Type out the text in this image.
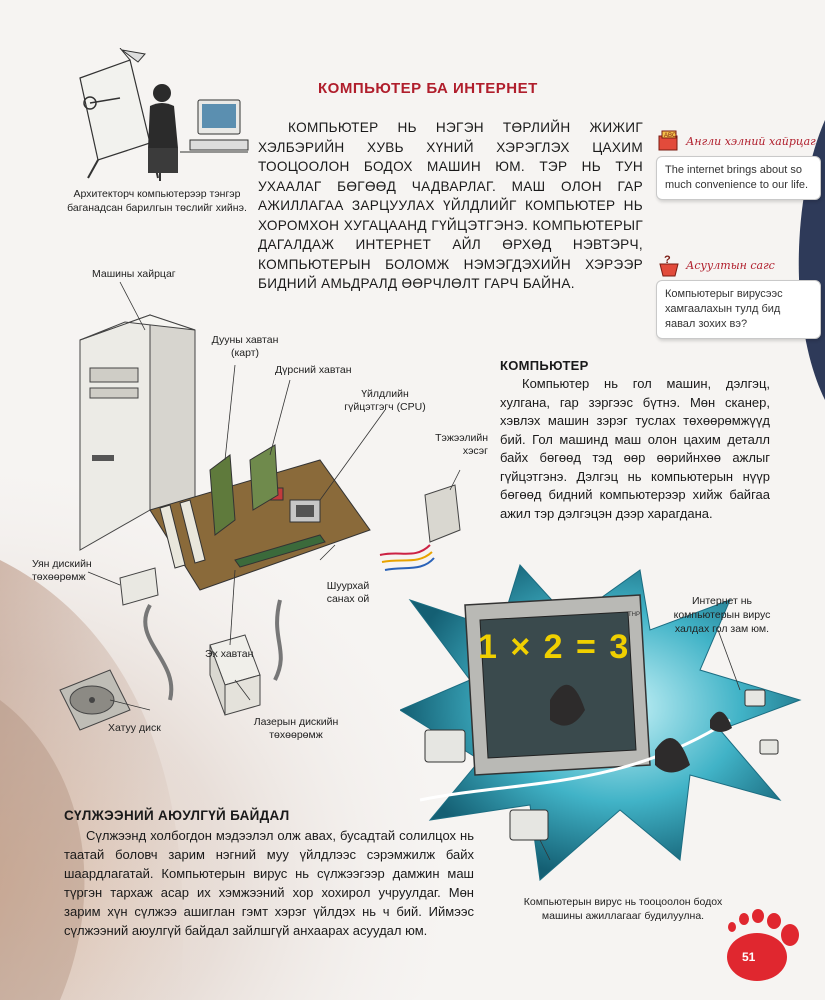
КОМПЬЮТЕР БА ИНТЕРНЕТ

КОМПЬЮТЕР НЬ НЭГЭН ТӨРЛИЙН ЖИЖИГ ХЭЛБЭРИЙН ХУВЬ ХҮНИЙ ХЭРЭГЛЭХ ЦАХИМ ТООЦООЛОН БОДОХ МАШИН ЮМ. ТЭР НЬ ТУН УХААЛАГ БӨГӨӨД ЧАДВАРЛАГ. МАШ ОЛОН ГАР АЖИЛЛАГАА ЗАРЦУУЛАХ ҮЙЛДЛИЙГ КОМПЬЮТЕР НЬ ХОРОМХОН ХУГАЦААНД ГҮЙЦЭТГЭНЭ. КОМПЬЮТЕРЫГ ДАГАЛДАЖ ИНТЕРНЕТ АЙЛ ӨРХӨД НЭВТЭРЧ, КОМПЬЮТЕРЫН БОЛОМЖ НЭМЭГДЭХИЙН ХЭРЭЭР БИДНИЙ АМЬДРАЛД ӨӨРЧЛӨЛТ ГАРЧ БАЙНА.

Архитекторч компьютерээр тэнгэр баганадсан барилгын төслийг хийнэ.
ABC Англи хэлний хайрцаг
The internet brings about so much convenience to our life.
? Асуултын сагс
Компьютерыг вирусээс хамгаалахын тулд бид яавал зохих вэ?
Машины хайрцаг
Дууны хавтан (карт)
Дүрсний хавтан
Үйлдлийн гүйцэтгэгч (CPU)
Тэжээлийн хэсэг
Уян дискийн төхөөрөмж
Эх хавтан
Шуурхай санах ой
Хатуу диск	Лазерын дискийн төхөөрөмж
КОМПЬЮТЕР

Компьютер нь гол машин, дэлгэц, хулгана, гар зэргээс бүтнэ. Мөн сканер, хэвлэх машин зэрэг туслах төхөөрөмжүүд бий. Гол машинд маш олон цахим деталл байх бөгөөд тэд өөр өөрийнхөө ажлыг гүйцэтгэнэ. Дэлгэц нь компьютерын нүүр бөгөөд бидний компьютерээр хийж байгаа ажил тэр дэлгэцэн дээр харагдана.

1 × 2 = 3
THP
Интернет нь компьютерын вирус халдах гол зам юм.
Компьютерын вирус нь тооцоолон бодох машины ажиллагааг будилуулна.
СҮЛЖЭЭНИЙ АЮУЛГҮЙ БАЙДАЛ

Сүлжээнд холбогдон мэдээлэл олж авах, бусадтай солилцох нь таатай боловч зарим нэгний муу үйлдлээс сэрэмжилж байх шаардлагатай. Компьютерын вирус нь сүлжээгээр дамжин маш түргэн тархаж асар их хэмжээний хор хохирол учруулдаг. Мөн зарим хүн сүлжээ ашиглан гэмт хэрэг үйлдэх нь ч бий. Иймээс сүлжээний аюулгүй байдал зайлшгүй анхаарах асуудал юм.

51
